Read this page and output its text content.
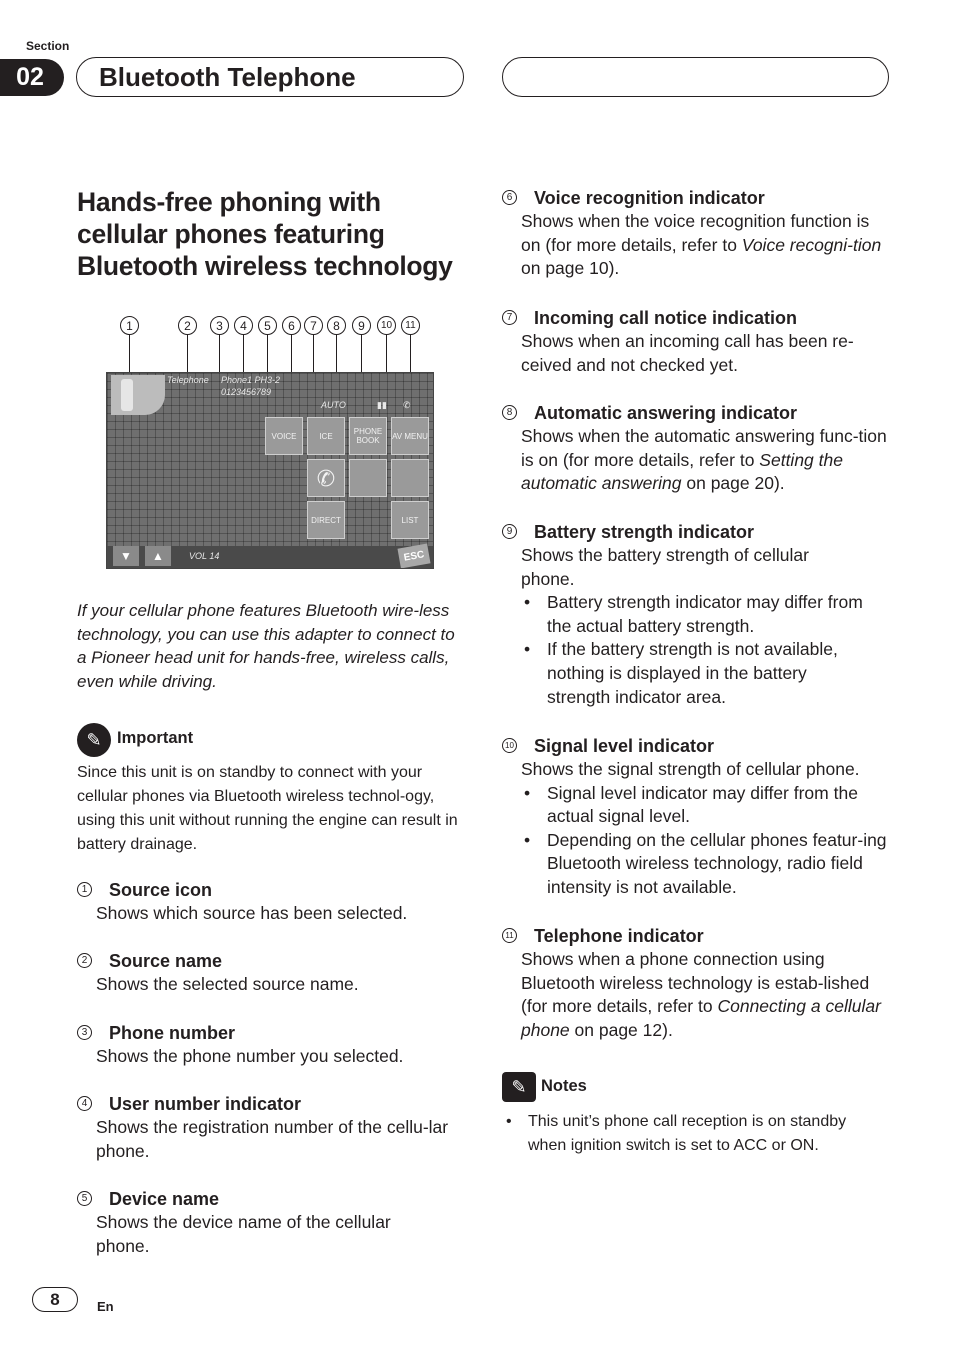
Section
02	Bluetooth Telephone
Hands-free phoning with cellular phones featuring Bluetooth wireless technology
1	2	3	4	5	6	7	8	9	10	11
Telephone Phone1 PH3-2
0123456789
AUTO	▮▮ ✆
VOICE	ICE	PHONE BOOK	AV MENU
✆
DIRECT	LIST
VOL 14
▼	▲	ESC
If your cellular phone features Bluetooth wire-less technology, you can use this adapter to connect to a Pioneer head unit for hands-free, wireless calls, even while driving.
✎ Important
Since this unit is on standby to connect with your cellular phones via Bluetooth wireless technol-ogy, using this unit without running the engine can result in battery drainage.
1 Source icon
Shows which source has been selected.
2 Source name
Shows the selected source name.
3 Phone number
Shows the phone number you selected.
4 User number indicator
Shows the registration number of the cellu-lar phone.
5 Device name
Shows the device name of the cellular phone.
6 Voice recognition indicator
Shows when the voice recognition function is on (for more details, refer to Voice recogni-tion on page 10).
7 Incoming call notice indication
Shows when an incoming call has been re-ceived and not checked yet.
8 Automatic answering indicator
Shows when the automatic answering func-tion is on (for more details, refer to Setting the automatic answering on page 20).
9 Battery strength indicator
Shows the battery strength of cellular phone.
• Battery strength indicator may differ from the actual battery strength.
• If the battery strength is not available, nothing is displayed in the battery strength indicator area.
10 Signal level indicator
Shows the signal strength of cellular phone.
• Signal level indicator may differ from the actual signal level.
• Depending on the cellular phones featur-ing Bluetooth wireless technology, radio field intensity is not available.
11 Telephone indicator
Shows when a phone connection using Bluetooth wireless technology is estab-lished (for more details, refer to Connecting a cellular phone on page 12).
✎ Notes
• This unit’s phone call reception is on standby when ignition switch is set to ACC or ON.
8	En
